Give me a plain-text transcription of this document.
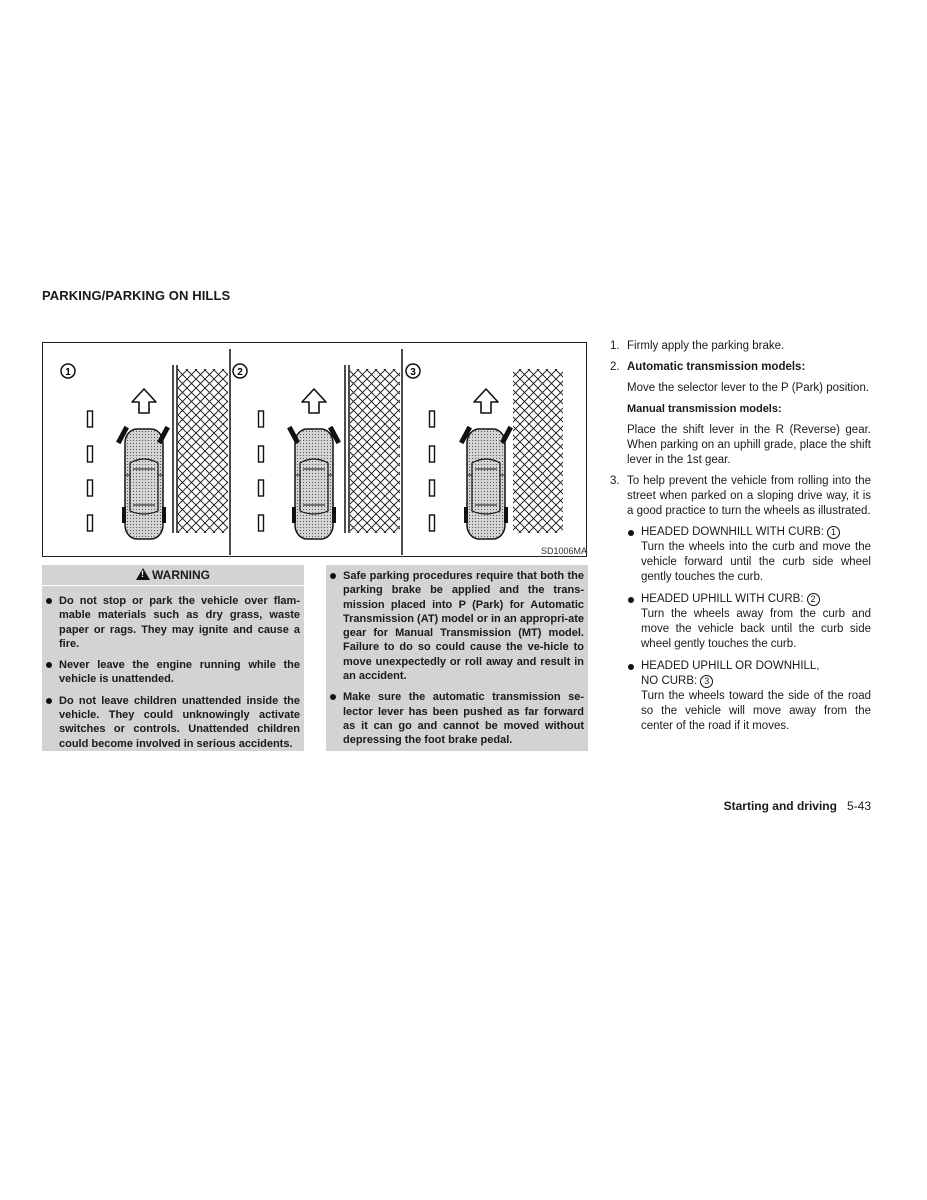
PARKING/PARKING ON HILLS
1	2	3
SD1006MA
!WARNING
Do not stop or park the vehicle over flam-mable materials such as dry grass, waste paper or rags. They may ignite and cause a fire.
Never leave the engine running while the vehicle is unattended.
Do not leave children unattended inside the vehicle. They could unknowingly activate switches or controls. Unattended children could become involved in serious accidents.
Safe parking procedures require that both the parking brake be applied and the trans-mission placed into P (Park) for Automatic Transmission (AT) model or in an appropri-ate gear for Manual Transmission (MT) model. Failure to do so could cause the ve-hicle to move unexpectedly or roll away and result in an accident.
Make sure the automatic transmission se-lector lever has been pushed as far forward as it can go and cannot be moved without depressing the foot brake pedal.
1. Firmly apply the parking brake.
2. Automatic transmission models:
Move the selector lever to the P (Park) position.
Manual transmission models:
Place the shift lever in the R (Reverse) gear. When parking on an uphill grade, place the shift lever in the 1st gear.
3. To help prevent the vehicle from rolling into the street when parked on a sloping drive way, it is a good practice to turn the wheels as illustrated.
HEADED DOWNHILL WITH CURB: 1
Turn the wheels into the curb and move the vehicle forward until the curb side wheel gently touches the curb.
HEADED UPHILL WITH CURB: 2
Turn the wheels away from the curb and move the vehicle back until the curb side wheel gently touches the curb.
HEADED UPHILL OR DOWNHILL,
NO CURB: 3
Turn the wheels toward the side of the road so the vehicle will move away from the center of the road if it moves.
Starting and driving 5-43
